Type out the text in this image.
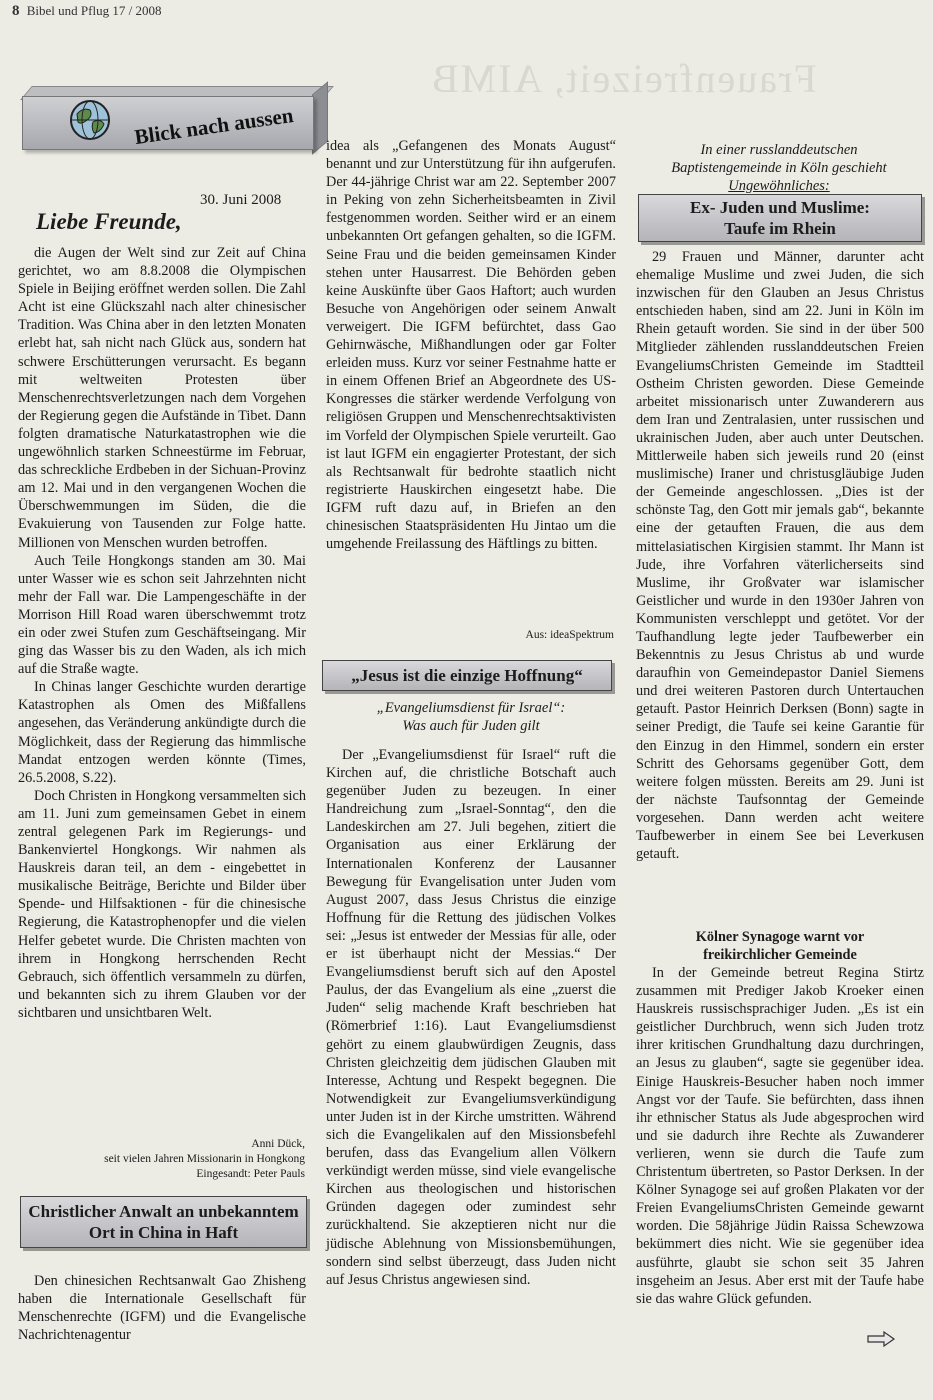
8 Bibel und Pflug 17 / 2008
Frauenfreizeit, AIMB
Blick nach aussen
30. Juni 2008
Liebe Freunde,

die Augen der Welt sind zur Zeit auf China gerichtet, wo am 8.8.2008 die Olympischen Spiele in Beijing eröffnet werden sollen. Die Zahl Acht ist eine Glückszahl nach alter chinesischer Tradition. Was China aber in den letzten Monaten erlebt hat, sah nicht nach Glück aus, sondern hat schwere Erschütterungen verursacht. Es begann mit weltweiten Protesten über Menschenrechtsverletzungen nach dem Vorgehen der Regierung gegen die Aufstände in Tibet. Dann folgten dramatische Naturkatastrophen wie die ungewöhnlich starken Schneestürme im Februar, das schreckliche Erdbeben in der Sichuan-Provinz am 12. Mai und in den vergangenen Wochen die Überschwemmungen im Süden, die die Evakuierung von Tausenden zur Folge hatte. Millionen von Menschen wurden betroffen.

Auch Teile Hongkongs standen am 30. Mai unter Wasser wie es schon seit Jahrzehnten nicht mehr der Fall war. Die Lampengeschäfte in der Morrison Hill Road waren überschwemmt trotz ein oder zwei Stufen zum Geschäftseingang. Mir ging das Wasser bis zu den Waden, als ich mich auf die Straße wagte.

In Chinas langer Geschichte wurden derartige Katastrophen als Omen des Mißfallens angesehen, das Veränderung ankündigte durch die Möglichkeit, dass der Regierung das himmlische Mandat entzogen werden könnte (Times, 26.5.2008, S.22).

Doch Christen in Hongkong versammelten sich am 11. Juni zum gemeinsamen Gebet in einem zentral gelegenen Park im Regierungs- und Bankenviertel Hongkongs. Wir nahmen als Hauskreis daran teil, an dem - eingebettet in musikalische Beiträge, Berichte und Bilder über Spende- und Hilfsaktionen - für die chinesische Regierung, die Katastrophenopfer und die vielen Helfer gebetet wurde. Die Christen machten von ihrem in Hongkong herrschenden Recht Gebrauch, sich öffentlich versammeln zu dürfen, und bekannten sich zu ihrem Glauben vor der sichtbaren und unsichtbaren Welt.

Anni Dück,
seit vielen Jahren Missionarin in Hongkong
Eingesandt: Peter Pauls
Christlicher Anwalt an unbekanntem Ort in China in Haft

Den chinesichen Rechtsanwalt Gao Zhisheng haben die Internationale Gesellschaft für Menschenrechte (IGFM) und die Evangelische Nachrichtenagentur

idea als „Gefangenen des Monats August“ benannt und zur Unterstützung für ihn aufgerufen. Der 44-jährige Christ war am 22. September 2007 in Peking von zehn Sicherheitsbeamten in Zivil festgenommen worden. Seither wird er an einem unbekannten Ort gefangen gehalten, so die IGFM. Seine Frau und die beiden gemeinsamen Kinder stehen unter Hausarrest. Die Behörden geben keine Auskünfte über Gaos Haftort; auch wurden Besuche von Angehörigen oder seinem Anwalt verweigert. Die IGFM befürchtet, dass Gao Gehirnwäsche, Mißhandlungen oder gar Folter erleiden muss. Kurz vor seiner Festnahme hatte er in einem Offenen Brief an Abgeordnete des US-Kongresses die stärker werdende Verfolgung von religiösen Gruppen und Menschenrechtsaktivisten im Vorfeld der Olympischen Spiele verurteilt. Gao ist laut IGFM ein engagierter Protestant, der sich als Rechtsanwalt für bedrohte staatlich nicht registrierte Hauskirchen eingesetzt habe. Die IGFM ruft dazu auf, in Briefen an den chinesischen Staatspräsidenten Hu Jintao um die umgehende Freilassung des Häftlings zu bitten.

Aus: ideaSpektrum
„Jesus ist die einzige Hoffnung“
„Evangeliumsdienst für Israel“:
Was auch für Juden gilt

Der „Evangeliumsdienst für Israel“ ruft die Kirchen auf, die christliche Botschaft auch gegenüber Juden zu bezeugen. In einer Handreichung zum „Israel-Sonntag“, den die Landeskirchen am 27. Juli begehen, zitiert die Organisation aus einer Erklärung der Internationalen Konferenz der Lausanner Bewegung für Evangelisation unter Juden vom August 2007, dass Jesus Christus die einzige Hoffnung für die Rettung des jüdischen Volkes sei: „Jesus ist entweder der Messias für alle, oder er ist überhaupt nicht der Messias.“ Der Evangeliumsdienst beruft sich auf den Apostel Paulus, der das Evangelium als eine „zuerst die Juden“ selig machende Kraft beschrieben hat (Römerbrief 1:16). Laut Evangeliumsdienst gehört zu einem glaubwürdigen Zeugnis, dass Christen gleichzeitig dem jüdischen Glauben mit Interesse, Achtung und Respekt begegnen. Die Notwendigkeit zur Evangeliumsverkündigung unter Juden ist in der Kirche umstritten. Während sich die Evangelikalen auf den Missionsbefehl berufen, dass das Evangelium allen Völkern verkündigt werden müsse, sind viele evangelische Kirchen aus theologischen und historischen Gründen dagegen oder zumindest sehr zurückhaltend. Sie akzeptieren nicht nur die jüdische Ablehnung von Missionsbemühungen, sondern sind selbst überzeugt, dass Juden nicht auf Jesus Christus angewiesen sind.

In einer russlanddeutschen
Baptistengemeinde in Köln geschieht
Ungewöhnliches:
Ex- Juden und Muslime:
Taufe im Rhein

29 Frauen und Männer, darunter acht ehemalige Muslime und zwei Juden, die sich inzwischen für den Glauben an Jesus Christus entschieden haben, sind am 22. Juni in Köln im Rhein getauft worden. Sie sind in der über 500 Mitglieder zählenden russlanddeutschen Freien EvangeliumsChristen Gemeinde im Stadtteil Ostheim Christen geworden. Diese Gemeinde arbeitet missionarisch unter Zuwanderern aus dem Iran und Zentralasien, unter russischen und ukrainischen Juden, aber auch unter Deutschen. Mittlerweile haben sich jeweils rund 20 (einst muslimische) Iraner und christusgläubige Juden der Gemeinde angeschlossen. „Dies ist der schönste Tag, den Gott mir jemals gab“, bekannte eine der getauften Frauen, die aus dem mittelasiatischen Kirgisien stammt. Ihr Mann ist Jude, ihre Vorfahren väterlicherseits sind Muslime, ihr Großvater war islamischer Geistlicher und wurde in den 1930er Jahren von Kommunisten verschleppt und getötet. Vor der Taufhandlung legte jeder Taufbewerber ein Bekenntnis zu Jesus Christus ab und wurde daraufhin von Gemeindepastor Daniel Siemens und drei weiteren Pastoren durch Untertauchen getauft. Pastor Heinrich Derksen (Bonn) sagte in seiner Predigt, die Taufe sei keine Garantie für den Einzug in den Himmel, sondern ein erster Schritt des Gehorsams gegenüber Gott, dem weitere folgen müssten. Bereits am 29. Juni ist der nächste Taufsonntag der Gemeinde vorgesehen. Dann werden acht weitere Taufbewerber in einem See bei Leverkusen getauft.

Kölner Synagoge warnt vor
freikirchlicher Gemeinde

In der Gemeinde betreut Regina Stirtz zusammen mit Prediger Jakob Kroeker einen Hauskreis russischsprachiger Juden. „Es ist ein geistlicher Durchbruch, wenn sich Juden trotz ihrer kritischen Grundhaltung dazu durchringen, an Jesus zu glauben“, sagte sie gegenüber idea. Einige Hauskreis-Besucher haben noch immer Angst vor der Taufe. Sie befürchten, dass ihnen ihr ethnischer Status als Jude abgesprochen wird und sie dadurch ihre Rechte als Zuwanderer verlieren, wenn sie durch die Taufe zum Christentum übertreten, so Pastor Derksen. In der Kölner Synagoge sei auf großen Plakaten vor der Freien EvangeliumsChristen Gemeinde gewarnt worden. Die 58jährige Jüdin Raissa Schewzowa bekümmert dies nicht. Wie sie gegenüber idea ausführte, glaubt sie schon seit 35 Jahren insgeheim an Jesus. Aber erst mit der Taufe habe sie das wahre Glück gefunden.
